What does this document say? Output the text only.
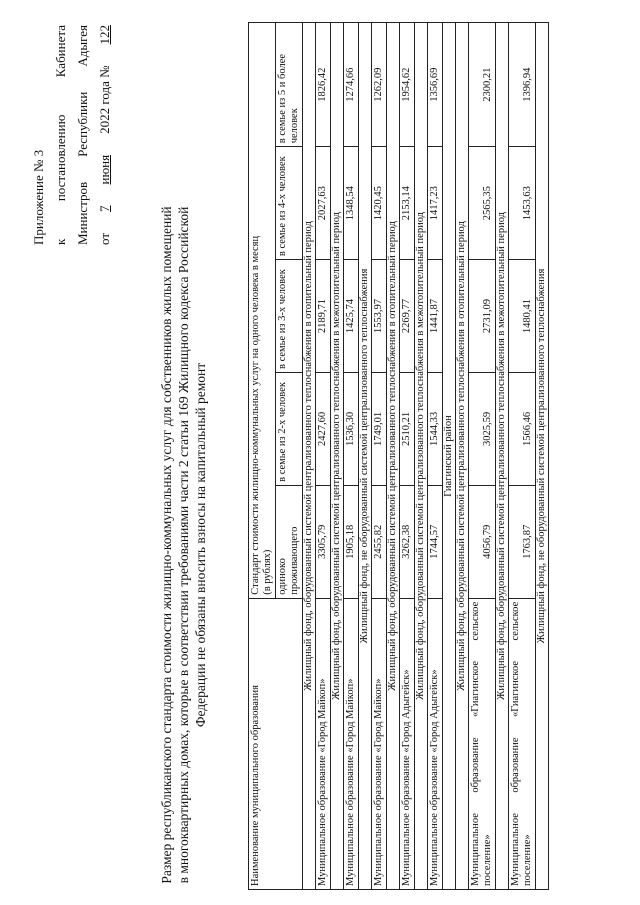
Приложение № 3 к
постановлению
Кабинета
Министров
Республики
Адыгея
от
7
июня
2022 года №
122
Размер республиканского стандарта стоимости жилищно-коммунальных услуг для собственников жилых помещений в многоквартирных домах, которые в соответствии требованиями части 2 статьи 169 Жилищного кодекса Российской Федерации не обязаны вносить взносы на капитальный ремонт
Наименование муниципального образования	Стандарт стоимости жилищно-коммунальных услуг на одного человека в месяц
(в рублях)				
	одиноко проживающего	в семье из 2-х человек	в семье из 3-х человек	в семье из 4-х человек	в семье из 5 и более человек
Жилищный фонд, оборудованный системой централизованного теплоснабжения в отопительный период					
Муниципальное образование «Город Майкоп»	3305,79	2427,60	2189,71	2027,63	1826,42
Жилищный фонд, оборудованный системой централизованного теплоснабжения в межотопительный период					
Муниципальное образование «Город Майкоп»	1905,18	1536,30	1425,74	1348,54	1274,66
Жилищный фонд, не оборудованный системой централизованного теплоснабжения					
Муниципальное образование «Город Майкоп»	2455,82	1749,01	1553,97	1420,45	1262,09
Жилищный фонд, оборудованный системой централизованного теплоснабжения в отопительный период					
Муниципальное образование «Город Адыгейск»	3262,38	2510,21	2269,77	2153,14	1954,62
Жилищный фонд, оборудованный системой централизованного теплоснабжения в межотопительный период					
Муниципальное образование «Город Адыгейск»	1744,57	1544,33	1441,87	1417,23	1356,69
Гиагинский район					
Жилищный фонд, оборудованный системой централизованного теплоснабжения в отопительный период					
Муниципальное образование «Гиагинское сельское поселение»	4056,79	3025,59	2731,09	2565,35	2300,21
Жилищный фонд, оборудованный системой централизованного теплоснабжения в межотопительный период					
Муниципальное образование «Гиагинское сельское поселение»	1763,87	1566,46	1480,41	1453,63	1396,94
Жилищный фонд, не оборудованный системой централизованного теплоснабжения					
